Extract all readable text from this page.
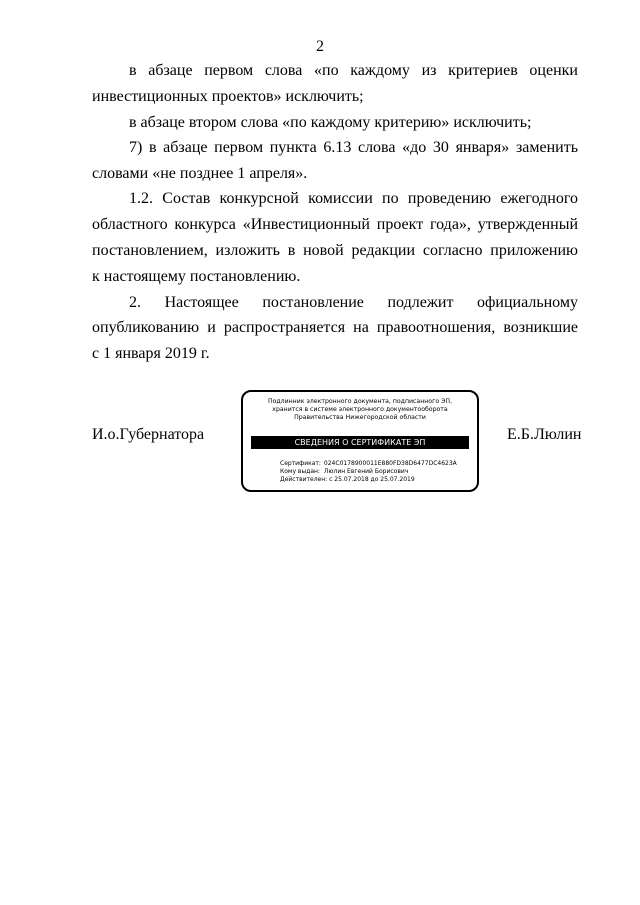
2
в абзаце первом слова «по каждому из критериев оценки
инвестиционных проектов» исключить;
в абзаце втором слова «по каждому критерию» исключить;
7) в абзаце первом пункта 6.13 слова «до 30 января» заменить
словами «не позднее 1 апреля».
1.2. Состав конкурсной комиссии по проведению ежегодного
областного конкурса «Инвестиционный проект года», утвержденный
постановлением, изложить в новой редакции согласно приложению
к настоящему постановлению.
2. Настоящее постановление подлежит официальному
опубликованию и распространяется на правоотношения, возникшие
с 1 января 2019 г.
И.о.Губернатора	Е.Б.Люлин
Подлинник электронного документа, подписанного ЭП,
хранится в системе электронного документооборота
Правительства Нижегородской области
СВЕДЕНИЯ О СЕРТИФИКАТЕ ЭП
Сертификат: 024C0178900011E880FD38D6477DC4623A
Кому выдан: Люлин Евгений Борисович
Действителен: с 25.07.2018 до 25.07.2019
